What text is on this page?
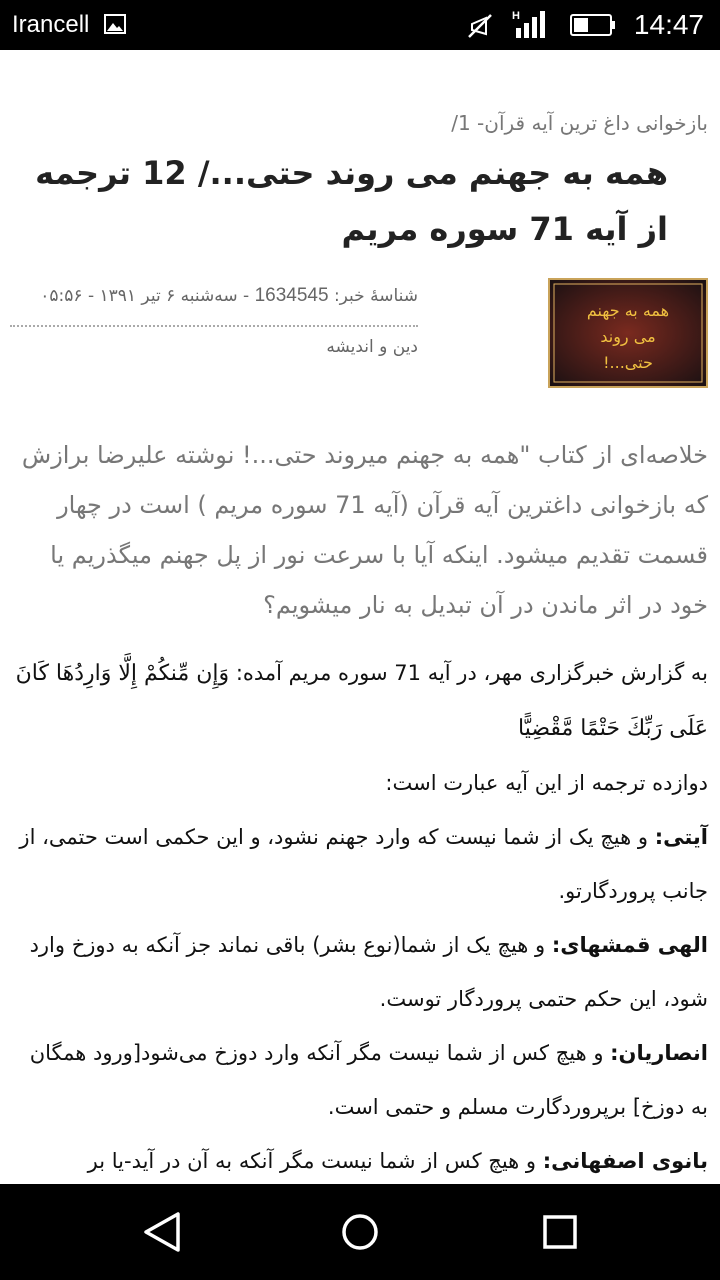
Irancell	H	14:47
بازخوانی داغ ترین آیه قرآن- 1/
همه به جهنم می روند حتی.../ 12 ترجمه از آیه 71 سوره مریم
همه به جهنم
می روند
حتی...!
شناسهٔ خبر: 1634545 - سه‌شنبه ۶ تیر ۱۳۹۱ - ۰۵:۵۶
دین و اندیشه
خلاصه‌ای از کتاب "همه به جهنم میروند حتی...! نوشته علیرضا برازش که بازخوانی داغترین آیه قرآن (آیه 71 سوره مریم ) است در چهار قسمت تقدیم میشود. اینکه آیا با سرعت نور از پل جهنم میگذریم یا خود در اثر ماندن در آن تبدیل به نار میشویم؟

به گزارش خبرگزاری مهر، در آیه 71 سوره مریم آمده: وَإِن مِّنكُمْ إِلَّا وَارِدُهَا كَانَ عَلَى رَبِّكَ حَتْمًا مَّقْضِيًّا

دوازده ترجمه از این آیه عبارت است:

آیتی: و هیچ یک از شما نیست که وارد جهنم نشود، و این حکمی است حتمی، از جانب پروردگارتو.

الهی قمشهای: و هیچ یک از شما(نوع بشر) باقی نماند جز آنکه به دوزخ وارد شود، این حکم حتمی پروردگار توست.

انصاریان: و هیچ کس از شما نیست مگر آنکه وارد دوزخ می‌شود[ورود همگان به دوزخ] برپروردگارت مسلم و حتمی است.

بانوی اصفهانی: و هیچ کس از شما نیست مگر آنکه به آن در آید-یا بر
